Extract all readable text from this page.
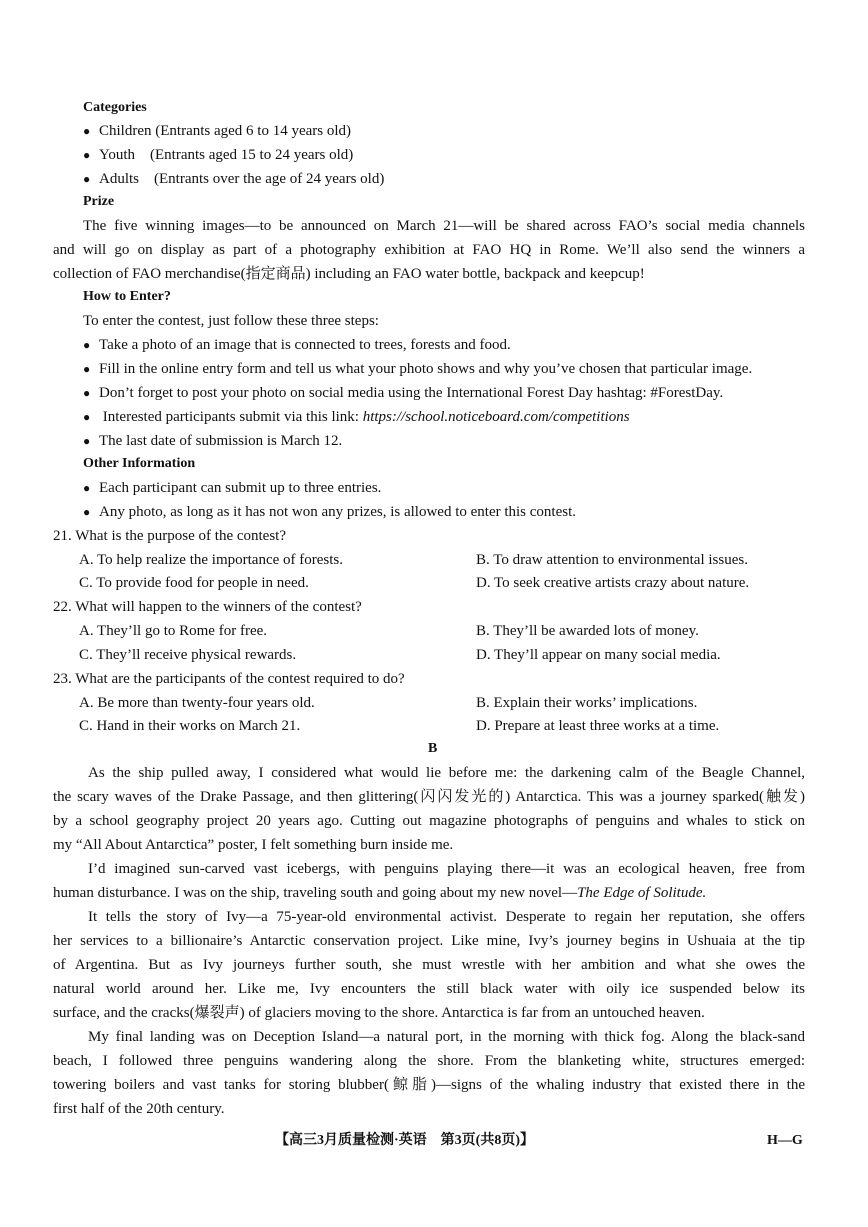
Categories
● Children (Entrants aged 6 to 14 years old)
● Youth　(Entrants aged 15 to 24 years old)
● Adults　(Entrants over the age of 24 years old)
Prize
The five winning images—to be announced on March 21—will be shared across FAO’s social media channels
and will go on display as part of a photography exhibition at FAO HQ in Rome. We’ll also send the winners a
collection of FAO merchandise(指定商品) including an FAO water bottle, backpack and keepcup!
How to Enter?
To enter the contest, just follow these three steps:
● Take a photo of an image that is connected to trees, forests and food.
● Fill in the online entry form and tell us what your photo shows and why you’ve chosen that particular image.
● Don’t forget to post your photo on social media using the International Forest Day hashtag: #ForestDay.
● Interested participants submit via this link: https://school.noticeboard.com/competitions
● The last date of submission is March 12.
Other Information
● Each participant can submit up to three entries.
● Any photo, as long as it has not won any prizes, is allowed to enter this contest.
21. What is the purpose of the contest?
A. To help realize the importance of forests.	B. To draw attention to environmental issues.
C. To provide food for people in need.	D. To seek creative artists crazy about nature.
22. What will happen to the winners of the contest?
A. They’ll go to Rome for free.	B. They’ll be awarded lots of money.
C. They’ll receive physical rewards.	D. They’ll appear on many social media.
23. What are the participants of the contest required to do?
A. Be more than twenty-four years old.	B. Explain their works’ implications.
C. Hand in their works on March 21.	D. Prepare at least three works at a time.
B
As the ship pulled away, I considered what would lie before me: the darkening calm of the Beagle Channel,
the scary waves of the Drake Passage, and then glittering(闪闪发光的) Antarctica. This was a journey sparked(触发)
by a school geography project 20 years ago. Cutting out magazine photographs of penguins and whales to stick on
my “All About Antarctica” poster, I felt something burn inside me.
I’d imagined sun-carved vast icebergs, with penguins playing there—it was an ecological heaven, free from
human disturbance. I was on the ship, traveling south and going about my new novel—The Edge of Solitude.
It tells the story of Ivy—a 75-year-old environmental activist. Desperate to regain her reputation, she offers
her services to a billionaire’s Antarctic conservation project. Like mine, Ivy’s journey begins in Ushuaia at the tip
of Argentina. But as Ivy journeys further south, she must wrestle with her ambition and what she owes the
natural world around her. Like me, Ivy encounters the still black water with oily ice suspended below its
surface, and the cracks(爆裂声) of glaciers moving to the shore. Antarctica is far from an untouched heaven.
My final landing was on Deception Island—a natural port, in the morning with thick fog. Along the black-sand
beach, I followed three penguins wandering along the shore. From the blanketing white, structures emerged:
towering boilers and vast tanks for storing blubber(鲸脂)—signs of the whaling industry that existed there in the
first half of the 20th century.
【高三3月质量检测·英语　第3页(共8页)】	H—G
